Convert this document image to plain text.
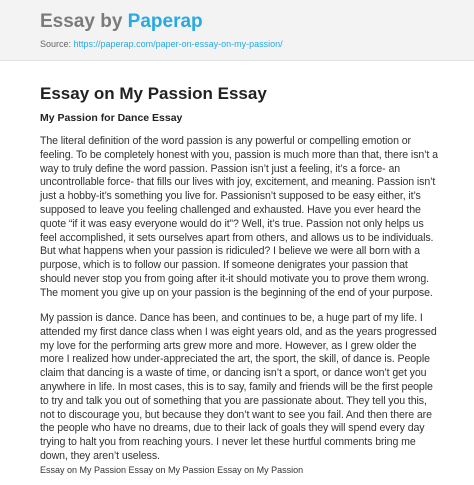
Essay by Paperap
Source: https://paperap.com/paper-on-essay-on-my-passion/
Essay on My Passion Essay
My Passion for Dance Essay

The literal definition of the word passion is any powerful or compelling emotion or feeling. To be completely honest with you, passion is much more than that, there isn’t a way to truly define the word passion. Passion isn’t just a feeling, it’s a force- an uncontrollable force- that fills our lives with joy, excitement, and meaning. Passion isn’t just a hobby-it’s something you live for. Passionisn’t supposed to be easy either, it’s supposed to leave you feeling challenged and exhausted. Have you ever heard the quote “if it was easy everyone would do it”? Well, it’s true. Passion not only helps us feel accomplished, it sets ourselves apart from others, and allows us to be individuals. But what happens when your passion is ridiculed? I believe we were all born with a purpose, which is to follow our passion. If someone denigrates your passion that should never stop you from going after it-it should motivate you to prove them wrong. The moment you give up on your passion is the beginning of the end of your purpose.

My passion is dance. Dance has been, and continues to be, a huge part of my life. I attended my first dance class when I was eight years old, and as the years progressed my love for the performing arts grew more and more. However, as I grew older the more I realized how under-appreciated the art, the sport, the skill, of dance is. People claim that dancing is a waste of time, or dancing isn’t a sport, or dance won’t get you anywhere in life. In most cases, this is to say, family and friends will be the first people to try and talk you out of something that you are passionate about. They tell you this, not to discourage you, but because they don’t want to see you fail. And then there are the people who have no dreams, due to their lack of goals they will spend every day trying to halt you from reaching yours. I never let these hurtful comments bring me down, they aren’t useless.

Essay on My Passion Essay on My Passion Essay on My Passion
